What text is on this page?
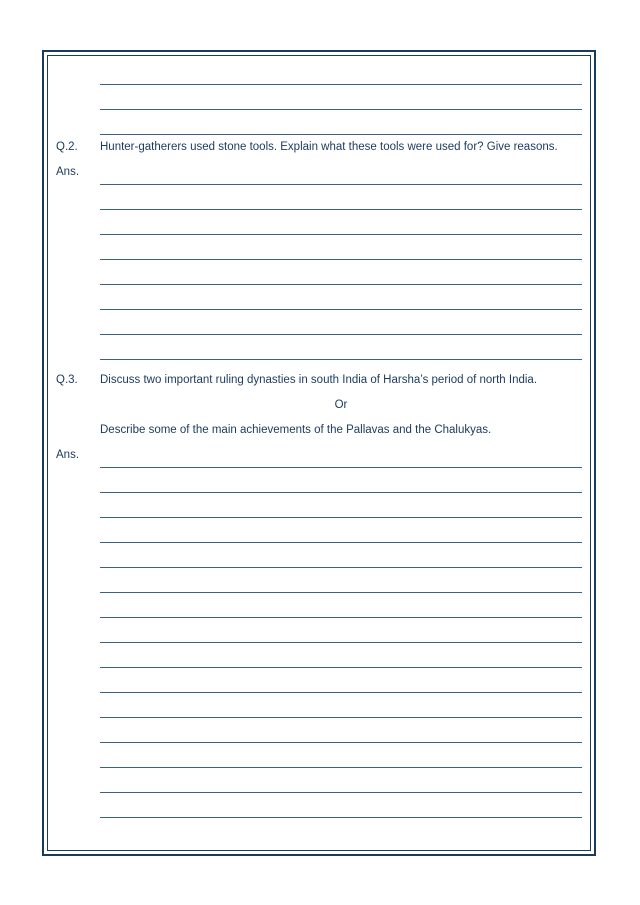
Q.2.	Hunter-gatherers used stone tools. Explain what these tools were used for? Give reasons.
Ans.
Q.3.	Discuss two important ruling dynasties in south India of Harsha’s period of north India.
Or
Describe some of the main achievements of the Pallavas and the Chalukyas.
Ans.
